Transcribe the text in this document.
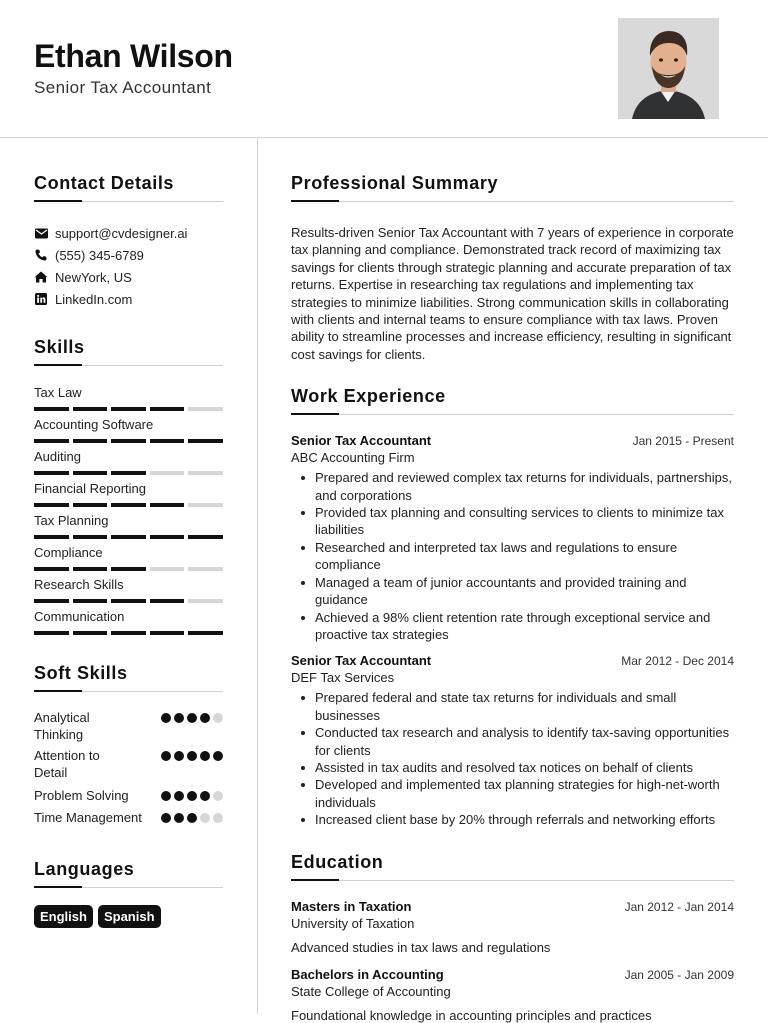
Ethan Wilson
Senior Tax Accountant
Contact Details
support@cvdesigner.ai
(555) 345-6789
NewYork, US
LinkedIn.com
Skills
Tax Law
Accounting Software
Auditing
Financial Reporting
Tax Planning
Compliance
Research Skills
Communication
Soft Skills
Analytical Thinking
Attention to Detail
Problem Solving
Time Management
Languages
English	Spanish
Professional Summary
Results-driven Senior Tax Accountant with 7 years of experience in corporate tax planning and compliance. Demonstrated track record of maximizing tax savings for clients through strategic planning and accurate preparation of tax returns. Expertise in researching tax regulations and implementing tax strategies to minimize liabilities. Strong communication skills in collaborating with clients and internal teams to ensure compliance with tax laws. Proven ability to streamline processes and increase efficiency, resulting in significant cost savings for clients.
Work Experience
Senior Tax Accountant	Jan 2015 - Present
ABC Accounting Firm
Prepared and reviewed complex tax returns for individuals, partnerships, and corporations
Provided tax planning and consulting services to clients to minimize tax liabilities
Researched and interpreted tax laws and regulations to ensure compliance
Managed a team of junior accountants and provided training and guidance
Achieved a 98% client retention rate through exceptional service and proactive tax strategies
Senior Tax Accountant	Mar 2012 - Dec 2014
DEF Tax Services
Prepared federal and state tax returns for individuals and small businesses
Conducted tax research and analysis to identify tax-saving opportunities for clients
Assisted in tax audits and resolved tax notices on behalf of clients
Developed and implemented tax planning strategies for high-net-worth individuals
Increased client base by 20% through referrals and networking efforts
Education
Masters in Taxation	Jan 2012 - Jan 2014
University of Taxation
Advanced studies in tax laws and regulations
Bachelors in Accounting	Jan 2005 - Jan 2009
State College of Accounting
Foundational knowledge in accounting principles and practices
